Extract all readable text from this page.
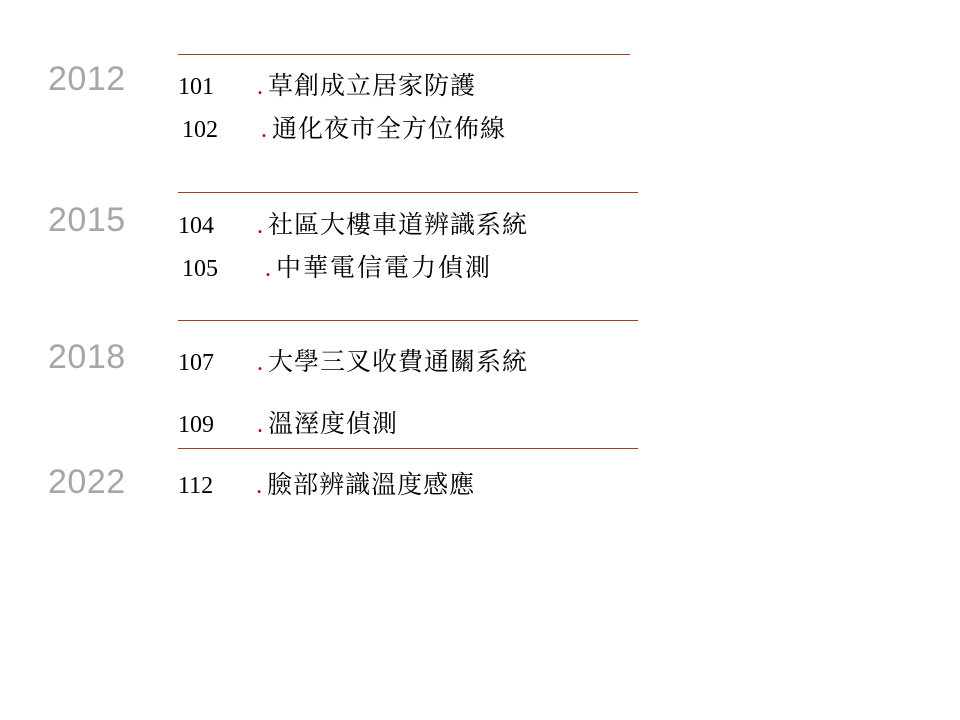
2012 101 . 草創成立居家防護
102 . 通化夜市全方位佈線
2015 104 . 社區大樓車道辨識系統
105 . 中華電信電力偵測
2018 107 . 大學三叉收費通關系統
109 . 溫溼度偵測
2022 112 . 臉部辨識溫度感應
